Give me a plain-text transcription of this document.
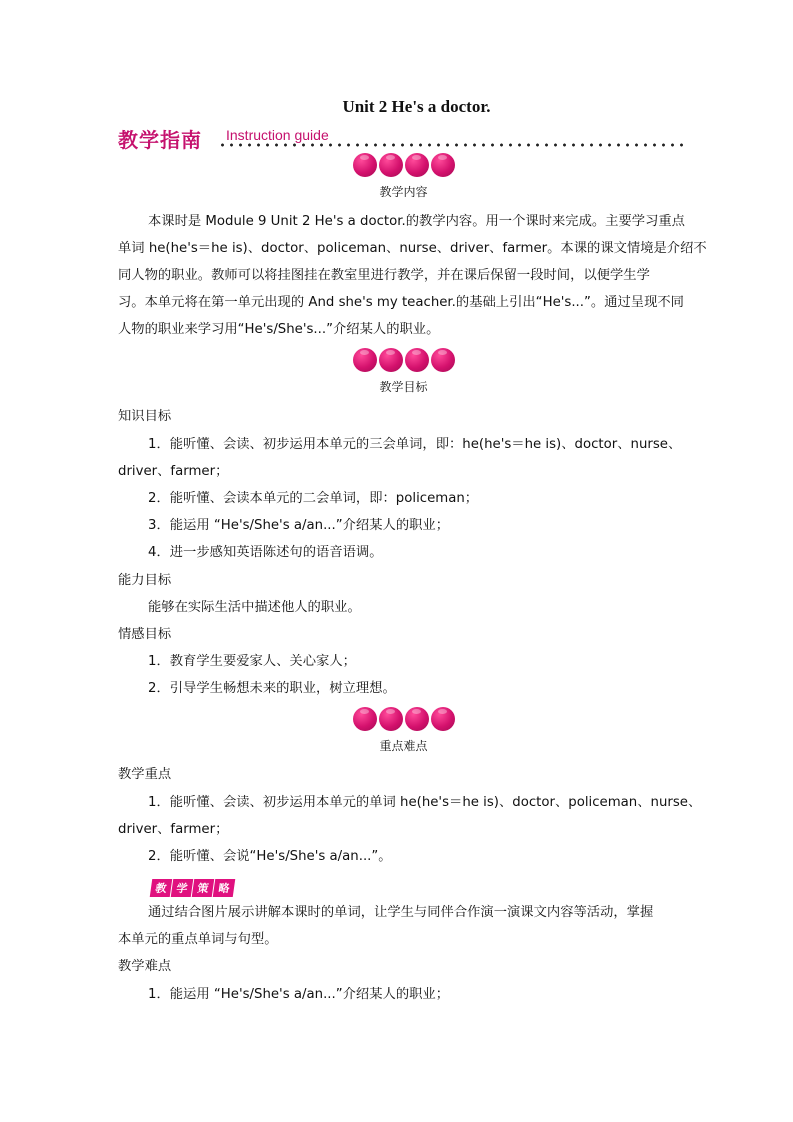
Unit 2 He's a doctor.
教学指南 Instruction guide
教学内容
本课时是 Module 9 Unit 2 He's a doctor.的教学内容。用一个课时来完成。主要学习重点
单词 he(he's＝he is)、doctor、policeman、nurse、driver、farmer。本课的课文情境是介绍不
同人物的职业。教师可以将挂图挂在教室里进行教学，并在课后保留一段时间，以便学生学
习。本单元将在第一单元出现的 And she's my teacher.的基础上引出“He's...”。通过呈现不同
人物的职业来学习用“He's/She's...”介绍某人的职业。
教学目标
知识目标
1．能听懂、会读、初步运用本单元的三会单词，即：he(he's＝he is)、doctor、nurse、
driver、farmer；
2．能听懂、会读本单元的二会单词，即：policeman；
3．能运用 “He's/She's a/an...”介绍某人的职业；
4．进一步感知英语陈述句的语音语调。
能力目标
能够在实际生活中描述他人的职业。
情感目标
1．教育学生要爱家人、关心家人；
2．引导学生畅想未来的职业，树立理想。
重点难点
教学重点
1．能听懂、会读、初步运用本单元的单词 he(he's＝he is)、doctor、policeman、nurse、
driver、farmer；
2．能听懂、会说“He's/She's a/an...”。
教 学 策 略
通过结合图片展示讲解本课时的单词，让学生与同伴合作演一演课文内容等活动，掌握
本单元的重点单词与句型。
教学难点
1．能运用 “He's/She's a/an...”介绍某人的职业；
